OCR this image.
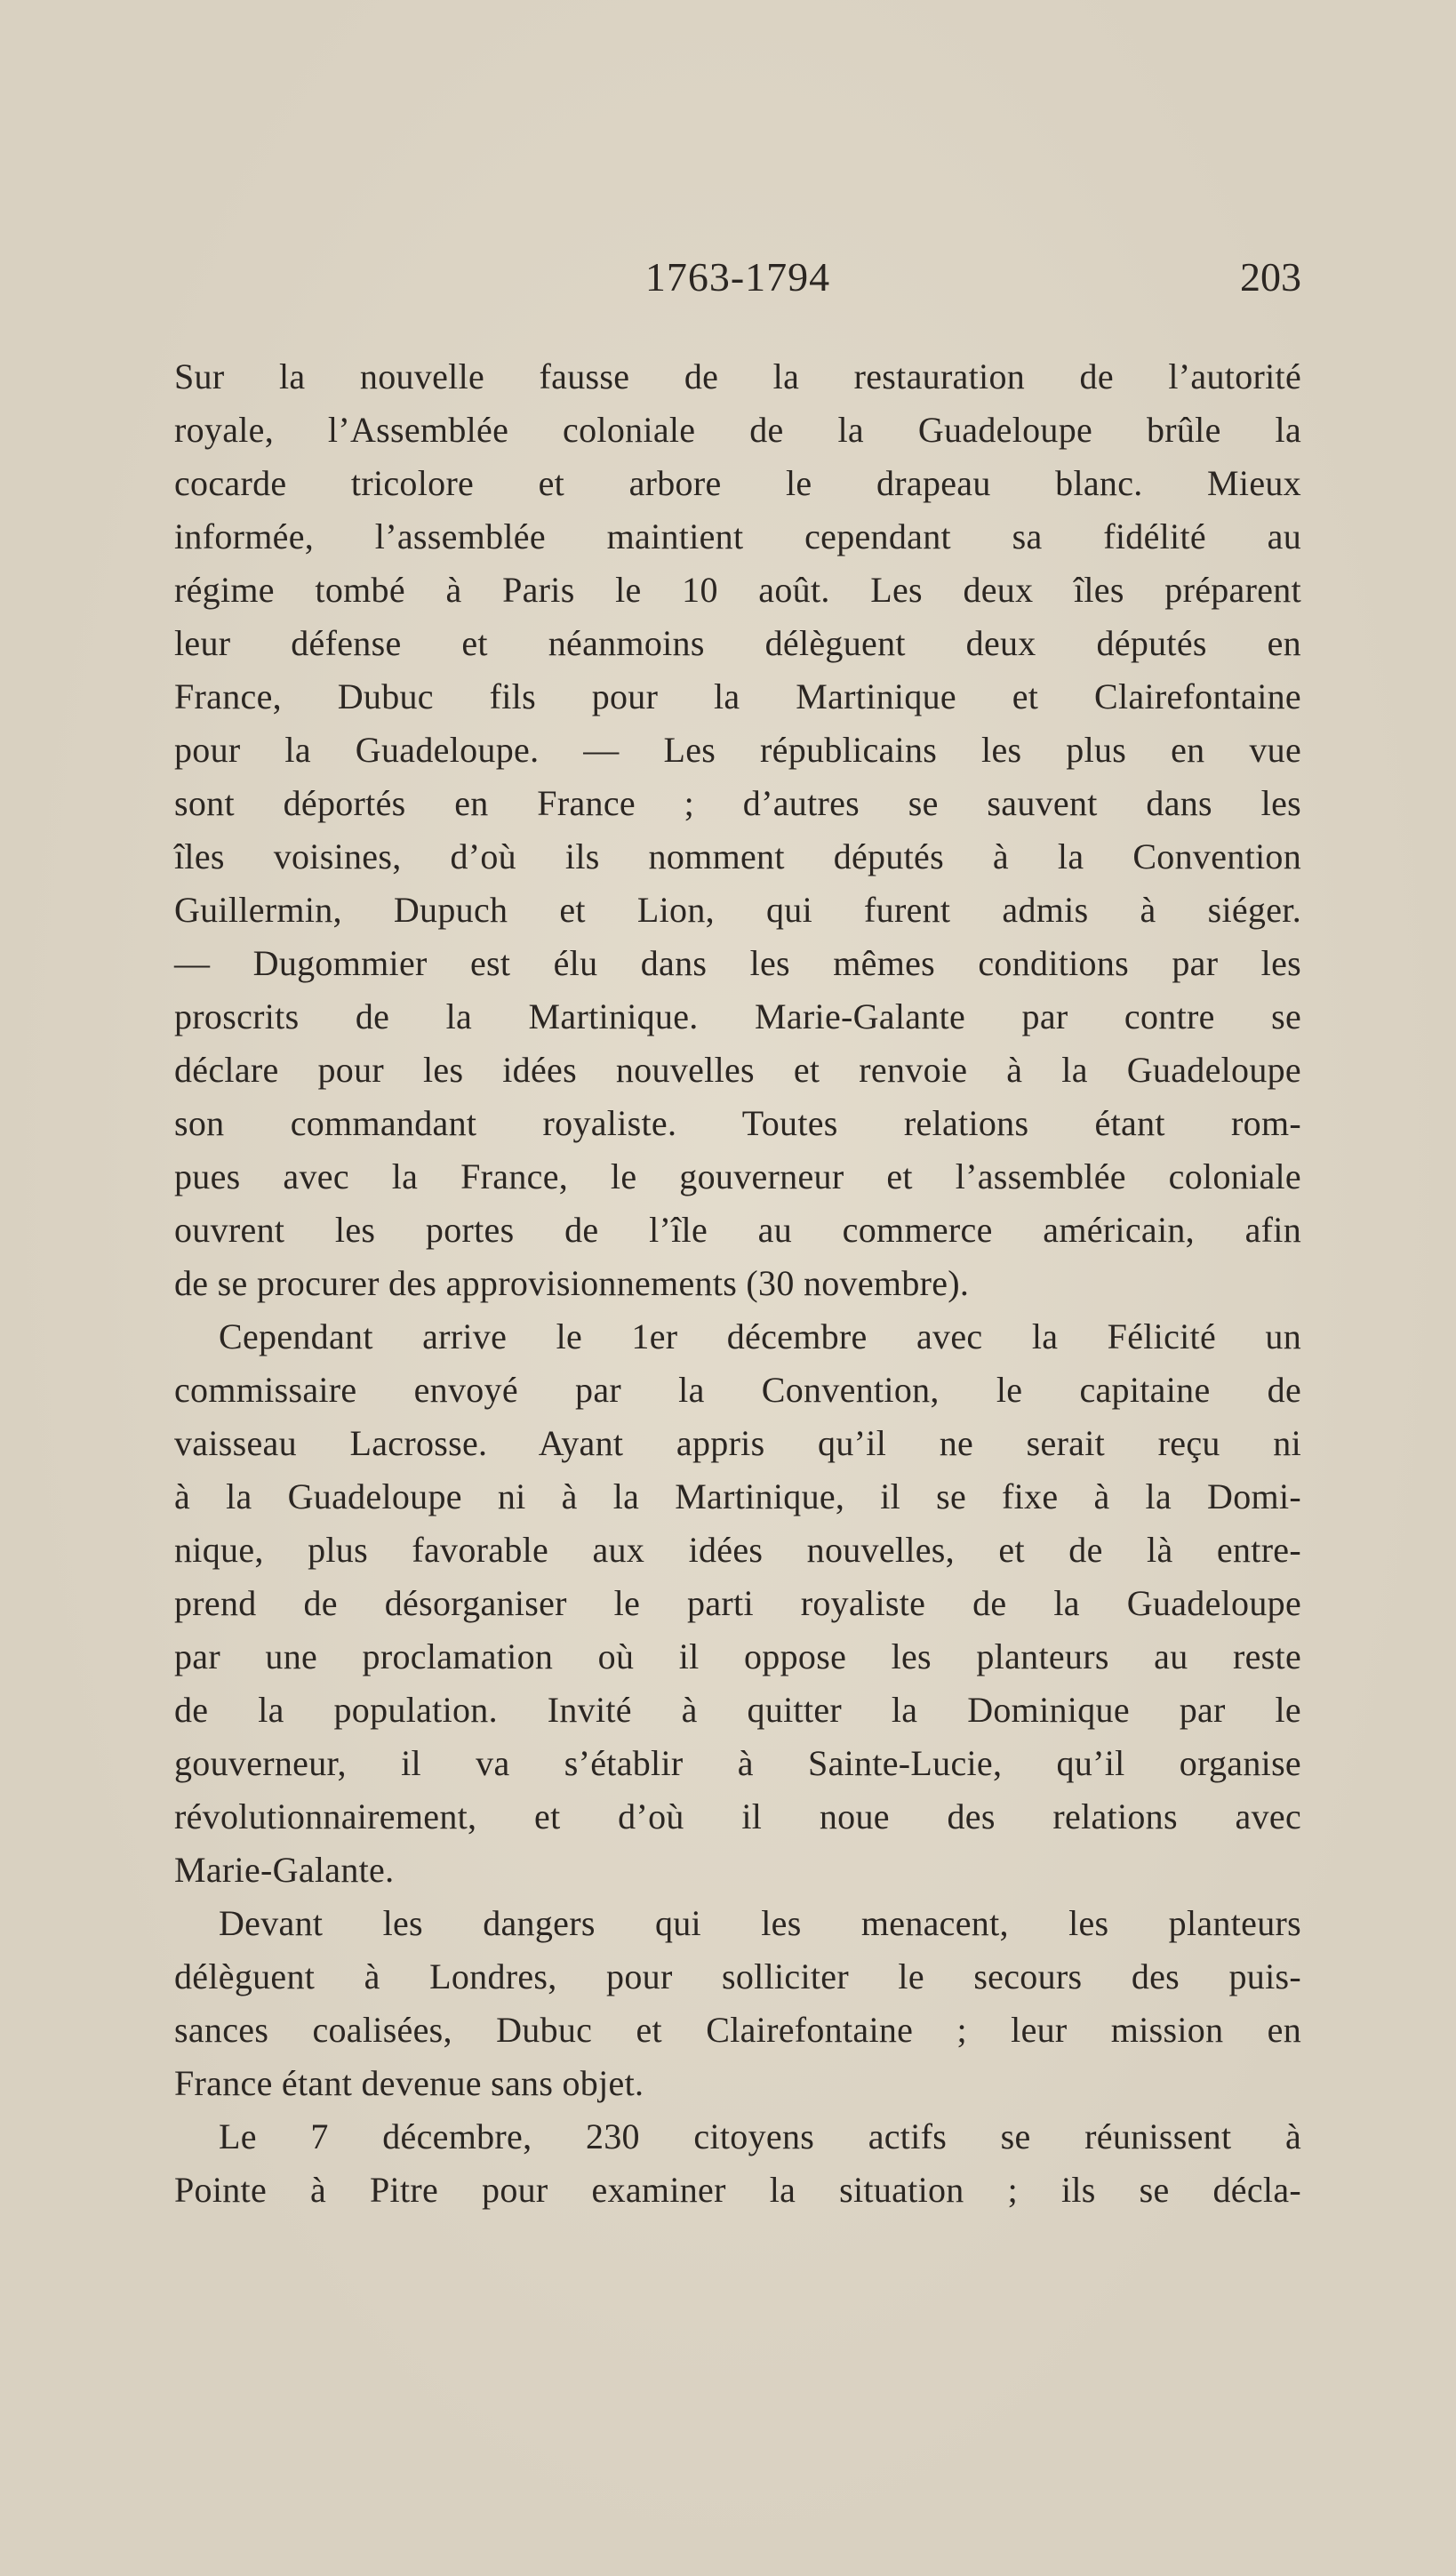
1763-1794	203
Sur la nouvelle fausse de la restauration de l’autorité
royale, l’Assemblée coloniale de la Guadeloupe brûle la
cocarde tricolore et arbore le drapeau blanc. Mieux
informée, l’assemblée maintient cependant sa fidélité au
régime tombé à Paris le 10 août. Les deux îles préparent
leur défense et néanmoins délèguent deux députés en
France, Dubuc fils pour la Martinique et Clairefontaine
pour la Guadeloupe. — Les républicains les plus en vue
sont déportés en France ; d’autres se sauvent dans les
îles voisines, d’où ils nomment députés à la Convention
Guillermin, Dupuch et Lion, qui furent admis à siéger.
— Dugommier est élu dans les mêmes conditions par les
proscrits de la Martinique. Marie-Galante par contre se
déclare pour les idées nouvelles et renvoie à la Guadeloupe
son commandant royaliste. Toutes relations étant rom-
pues avec la France, le gouverneur et l’assemblée coloniale
ouvrent les portes de l’île au commerce américain, afin
de se procurer des approvisionnements (30 novembre).
Cependant arrive le 1er décembre avec la Félicité un
commissaire envoyé par la Convention, le capitaine de
vaisseau Lacrosse. Ayant appris qu’il ne serait reçu ni
à la Guadeloupe ni à la Martinique, il se fixe à la Domi-
nique, plus favorable aux idées nouvelles, et de là entre-
prend de désorganiser le parti royaliste de la Guadeloupe
par une proclamation où il oppose les planteurs au reste
de la population. Invité à quitter la Dominique par le
gouverneur, il va s’établir à Sainte-Lucie, qu’il organise
révolutionnairement, et d’où il noue des relations avec
Marie-Galante.
Devant les dangers qui les menacent, les planteurs
délèguent à Londres, pour solliciter le secours des puis-
sances coalisées, Dubuc et Clairefontaine ; leur mission en
France étant devenue sans objet.
Le 7 décembre, 230 citoyens actifs se réunissent à
Pointe à Pitre pour examiner la situation ; ils se décla-
